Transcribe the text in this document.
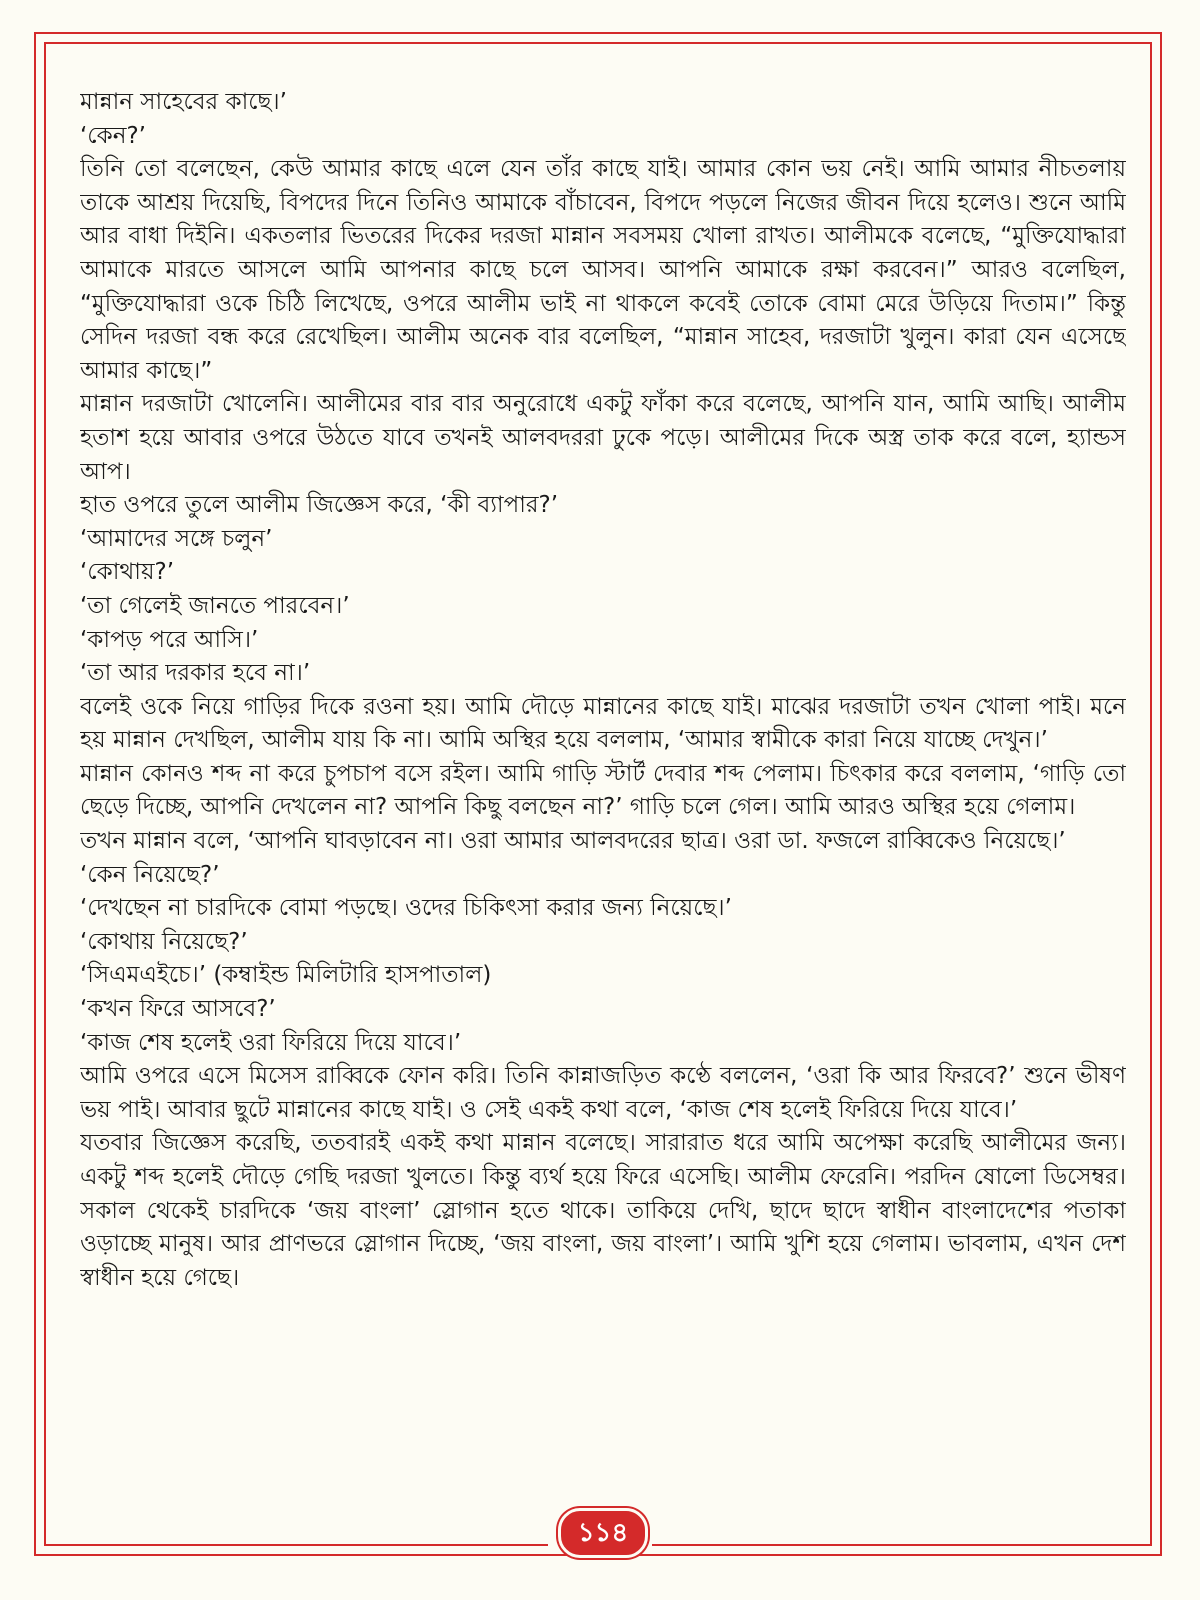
মান্নান সাহেবের কাছে।’

‘কেন?’

তিনি তো বলেছেন, কেউ আমার কাছে এলে যেন তাঁর কাছে যাই। আমার কোন ভয় নেই। আমি আমার নীচতলায় তাকে আশ্রয় দিয়েছি, বিপদের দিনে তিনিও আমাকে বাঁচাবেন, বিপদে পড়লে নিজের জীবন দিয়ে হলেও। শুনে আমি আর বাধা দিইনি। একতলার ভিতরের দিকের দরজা মান্নান সবসময় খোলা রাখত। আলীমকে বলেছে, “মুক্তিযোদ্ধারা আমাকে মারতে আসলে আমি আপনার কাছে চলে আসব। আপনি আমাকে রক্ষা করবেন।” আরও বলেছিল, “মুক্তিযোদ্ধারা ওকে চিঠি লিখেছে, ওপরে আলীম ভাই না থাকলে কবেই তোকে বোমা মেরে উড়িয়ে দিতাম।” কিন্তু সেদিন দরজা বন্ধ করে রেখেছিল। আলীম অনেক বার বলেছিল, “মান্নান সাহেব, দরজাটা খুলুন। কারা যেন এসেছে আমার কাছে।”

মান্নান দরজাটা খোলেনি। আলীমের বার বার অনুরোধে একটু ফাঁকা করে বলেছে, আপনি যান, আমি আছি। আলীম হতাশ হয়ে আবার ওপরে উঠতে যাবে তখনই আলবদররা ঢুকে পড়ে। আলীমের দিকে অস্ত্র তাক করে বলে, হ্যান্ডস আপ।

হাত ওপরে তুলে আলীম জিজ্ঞেস করে, ‘কী ব্যাপার?’

‘আমাদের সঙ্গে চলুন’

‘কোথায়?’

‘তা গেলেই জানতে পারবেন।’

‘কাপড় পরে আসি।’

‘তা আর দরকার হবে না।’

বলেই ওকে নিয়ে গাড়ির দিকে রওনা হয়। আমি দৌড়ে মান্নানের কাছে যাই। মাঝের দরজাটা তখন খোলা পাই। মনে হয় মান্নান দেখছিল, আলীম যায় কি না। আমি অস্থির হয়ে বললাম, ‘আমার স্বামীকে কারা নিয়ে যাচ্ছে দেখুন।’

মান্নান কোনও শব্দ না করে চুপচাপ বসে রইল। আমি গাড়ি স্টার্ট দেবার শব্দ পেলাম। চিৎকার করে বললাম, ‘গাড়ি তো ছেড়ে দিচ্ছে, আপনি দেখলেন না? আপনি কিছু বলছেন না?’ গাড়ি চলে গেল। আমি আরও অস্থির হয়ে গেলাম।

তখন মান্নান বলে, ‘আপনি ঘাবড়াবেন না। ওরা আমার আলবদরের ছাত্র। ওরা ডা. ফজলে রাব্বিকেও নিয়েছে।’

‘কেন নিয়েছে?’

‘দেখছেন না চারদিকে বোমা পড়ছে। ওদের চিকিৎসা করার জন্য নিয়েছে।’

‘কোথায় নিয়েছে?’

‘সিএমএইচে।’ (কম্বাইন্ড মিলিটারি হাসপাতাল)

‘কখন ফিরে আসবে?’

‘কাজ শেষ হলেই ওরা ফিরিয়ে দিয়ে যাবে।’

আমি ওপরে এসে মিসেস রাব্বিকে ফোন করি। তিনি কান্নাজড়িত কণ্ঠে বললেন, ‘ওরা কি আর ফিরবে?’ শুনে ভীষণ ভয় পাই। আবার ছুটে মান্নানের কাছে যাই। ও সেই একই কথা বলে, ‘কাজ শেষ হলেই ফিরিয়ে দিয়ে যাবে।’

যতবার জিজ্ঞেস করেছি, ততবারই একই কথা মান্নান বলেছে। সারারাত ধরে আমি অপেক্ষা করেছি আলীমের জন্য। একটু শব্দ হলেই দৌড়ে গেছি দরজা খুলতে। কিন্তু ব্যর্থ হয়ে ফিরে এসেছি। আলীম ফেরেনি। পরদিন ষোলো ডিসেম্বর। সকাল থেকেই চারদিকে ‘জয় বাংলা’ স্লোগান হতে থাকে। তাকিয়ে দেখি, ছাদে ছাদে স্বাধীন বাংলাদেশের পতাকা ওড়াচ্ছে মানুষ। আর প্রাণভরে স্লোগান দিচ্ছে, ‘জয় বাংলা, জয় বাংলা’। আমি খুশি হয়ে গেলাম। ভাবলাম, এখন দেশ স্বাধীন হয়ে গেছে।

১১৪
